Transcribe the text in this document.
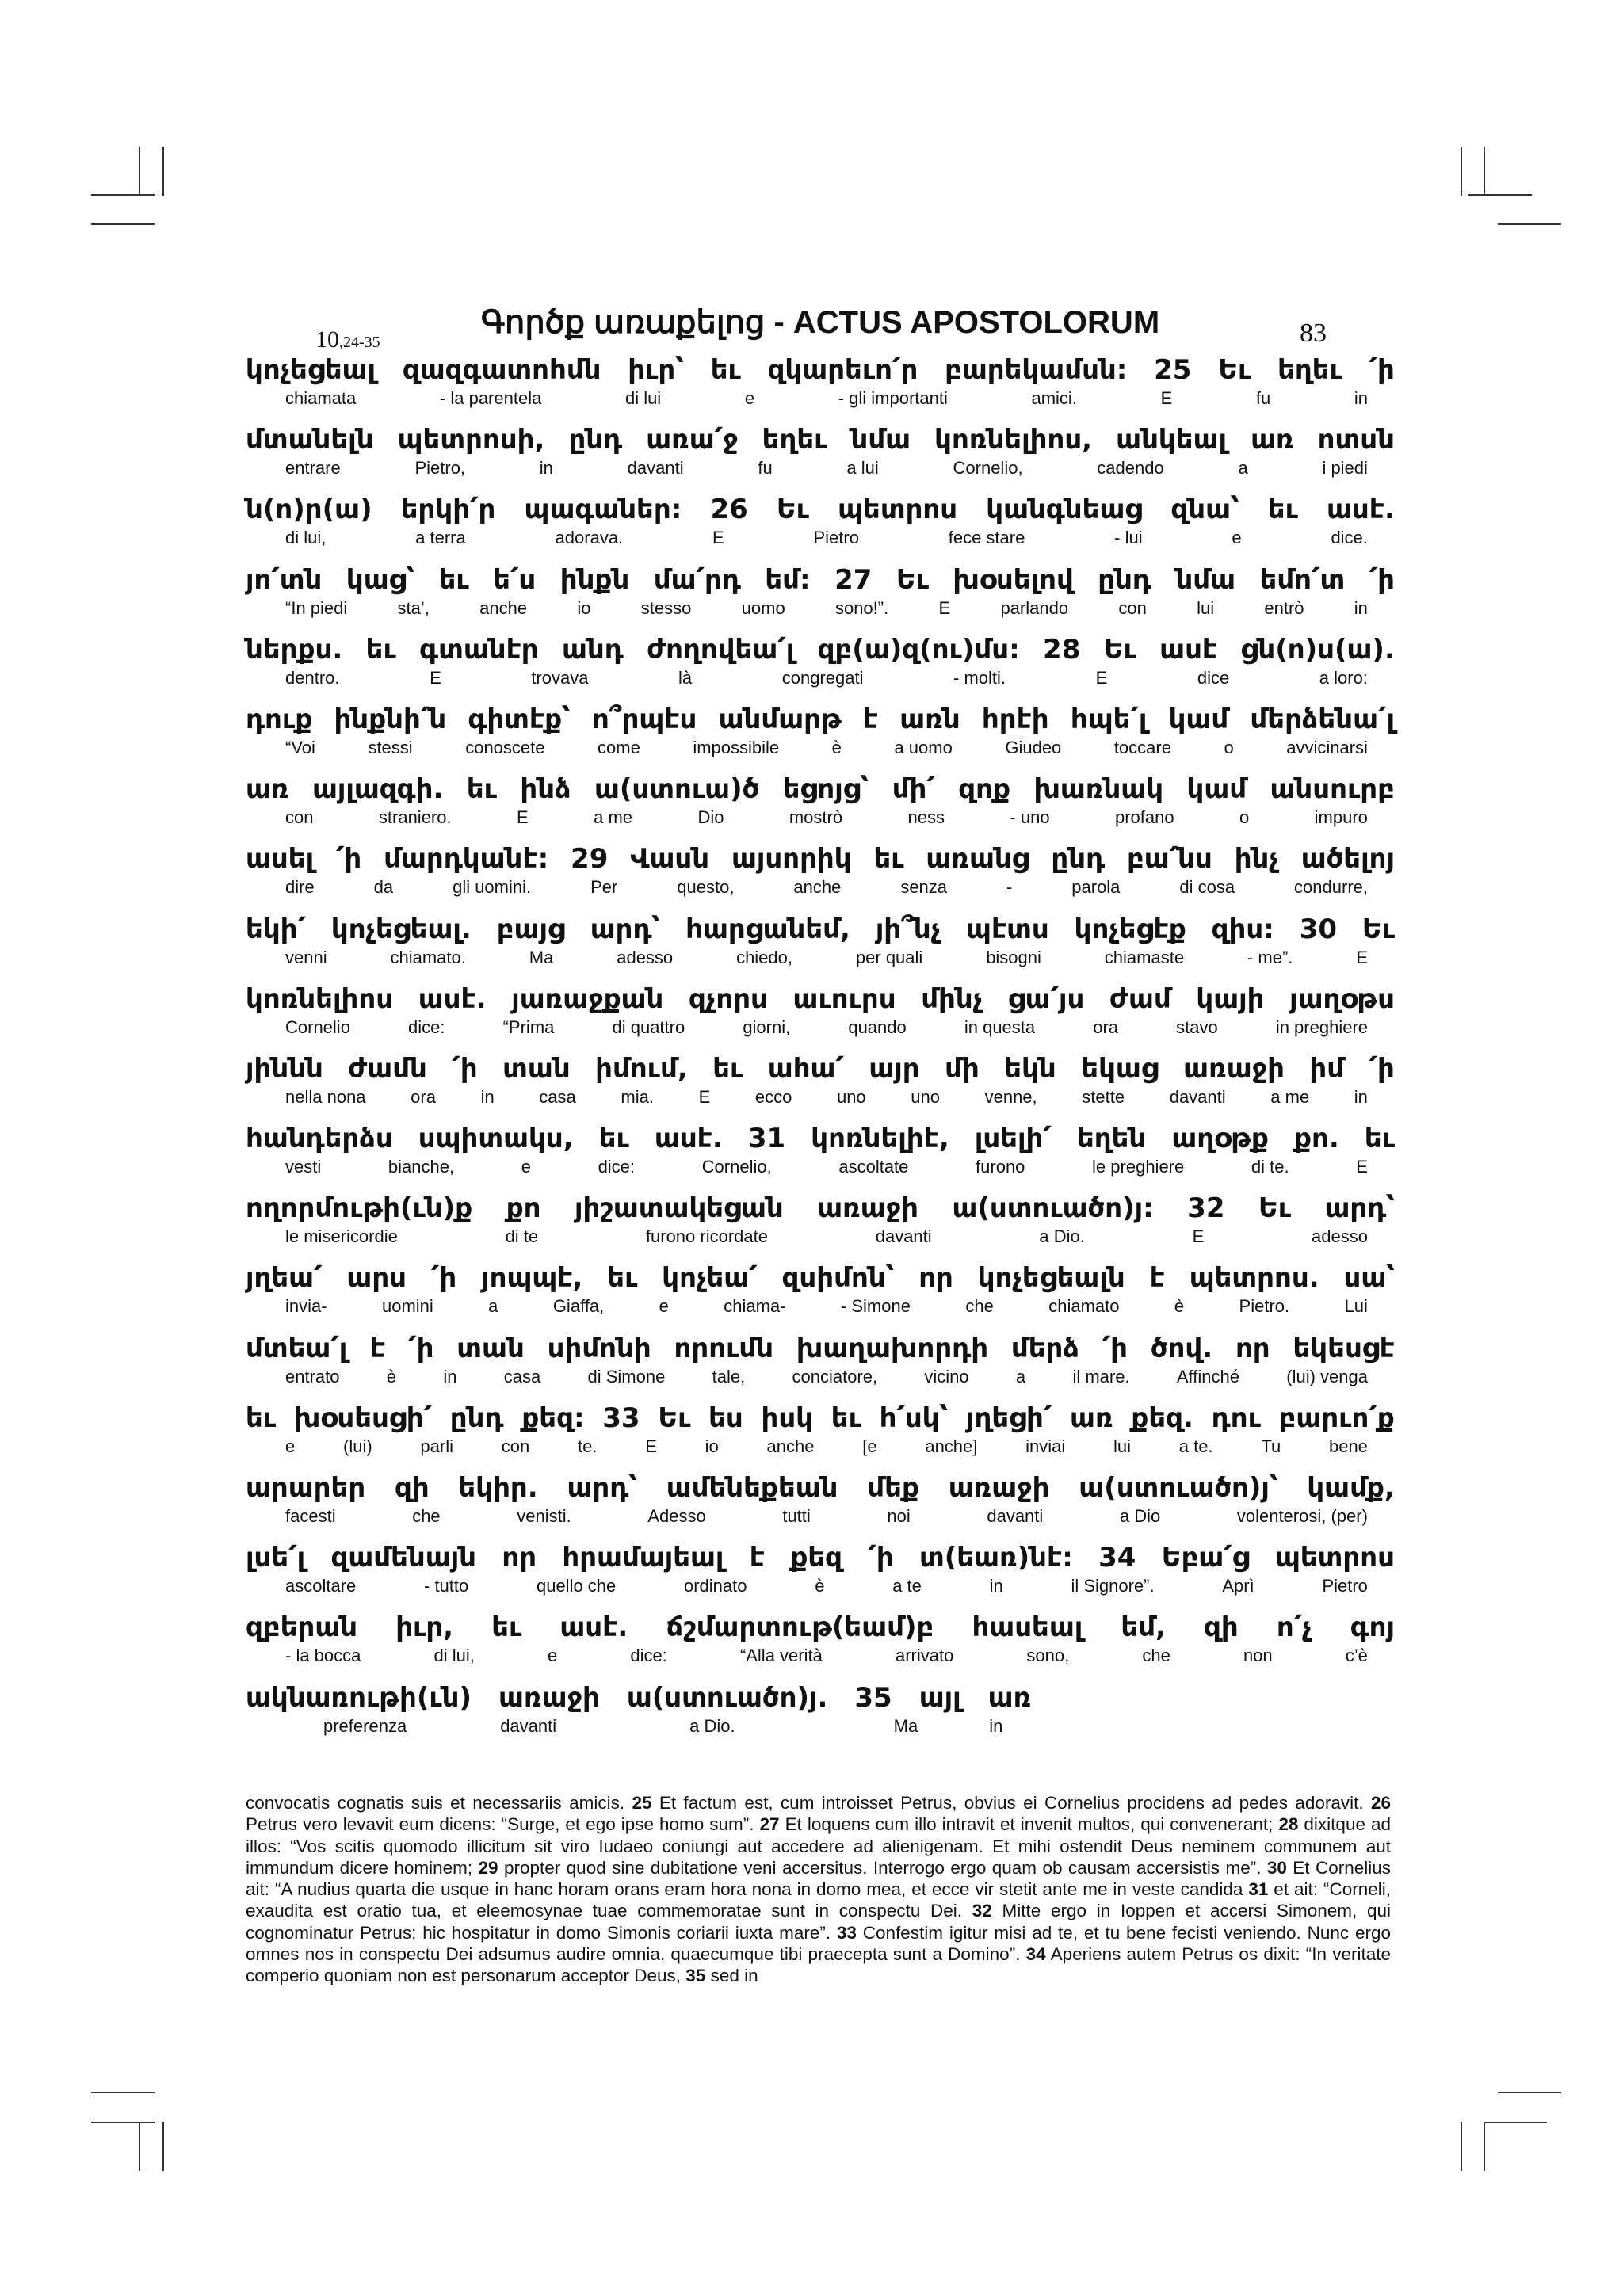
10,24-35
Գործք առաքելոց - ACTUS APOSTOLORUM	83
կոչեցեալ զազգատոհմն իւր՝ եւ զկարեւո՛ր բարեկամսն: 25 Եւ եղեւ ՛ի
chiamata	- la parentela	di lui	e	- gli importanti	amici.	E	fu	in
մտանելն պետրոսի, ընդ առա՛ջ եղեւ նմա կոռնելիոս, անկեալ առ ոտսն
entrare	Pietro,	in	davanti	fu	a lui	Cornelio,	cadendo	a	i piedi
ն(ո)ր(ա) երկի՛ր պագաներ: 26 Եւ պետրոս կանգնեաց զնա՝ եւ ասէ.
di lui,	a terra	adorava.	E	Pietro	fece stare	- lui	e	dice.
յո՛տն կաց՝ եւ ե՛ս ինքն մա՛րդ եմ: 27 Եւ խօսելով ընդ նմա եմո՛տ ՛ի
“In piedi	sta’,	anche	io	stesso	uomo	sono!”.	E	parlando	con	lui	entrò	in
ներքս. եւ գտանէր անդ ժողովեա՛լ զբ(ա)զ(ու)մս: 28 Եւ ասէ ցն(ո)ս(ա).
dentro.	E	trovava	là	congregati	- molti.	E	dice	a loro:
դուք ինքնի՛ն գիտէք՝ ո՞րպէս անմարթ է առն հրէի հպե՛լ կամ մերձենա՛լ
“Voi	stessi	conoscete	come	impossibile	è	a uomo	Giudeo	toccare	o	avvicinarsi
առ այլազգի. եւ ինձ ա(ստուա)ծ եցոյց՝ մի՛ զոք խառնակ կամ անսուրբ
con	straniero.	E	a me	Dio	mostrò	ness	- uno	profano	o	impuro
ասել ՛ի մարդկանէ: 29 Վասն այսորիկ եւ առանց ընդ բա՛նս ինչ ածելոյ
dire	da	gli uomini.	Per	questo,	anche	senza	-	parola	di cosa	condurre,
եկի՛ կոչեցեալ. բայց արդ՝ հարցանեմ, յի՞նչ պէտս կոչեցէք զիս: 30 Եւ
venni	chiamato.	Ma	adesso	chiedo,	per quali	bisogni	chiamaste	- me”.	E
կոռնելիոս ասէ. յառաջքան զչորս աւուրս մինչ ցա՛յս ժամ կայի յաղօթս
Cornelio	dice:	“Prima	di quattro	giorni,	quando	in questa	ora	stavo	in preghiere
յիննն ժամն ՛ի տան իմում, եւ ահա՛ այր մի եկն եկաց առաջի իմ ՛ի
nella nona	ora	in	casa	mia.	E	ecco	uno	uno	venne,	stette	davanti	a me	in
հանդերձս սպիտակս, եւ ասէ. 31 կոռնելիէ, լսելի՛ եղեն աղօթք քո. եւ
vesti	bianche,	e	dice:	Cornelio,	ascoltate	furono	le preghiere	di te.	E
ողորմութի(ւն)ք քո յիշատակեցան առաջի ա(ստուածո)յ: 32 Եւ արդ՝
le misericordie	di te	furono ricordate	davanti	a Dio.	E	adesso
յղեա՛ արս ՛ի յոպպէ, եւ կոչեա՛ զսիմոն՝ որ կոչեցեալն է պետրոս. սա՝
invia-	uomini	a	Giaffa,	e	chiama-	- Simone	che	chiamato	è	Pietro.	Lui
մտեա՛լ է ՛ի տան սիմոնի որումն խաղախորդի մերձ ՛ի ծով. որ եկեսցէ
entrato	è	in	casa	di Simone	tale,	conciatore,	vicino	a	il mare.	Affinché	(lui) venga
եւ խօսեսցի՛ ընդ քեզ: 33 Եւ ես իսկ եւ հ՛սկ՝ յղեցի՛ առ քեզ. դու բարւո՛ք
e	(lui)	parli	con	te.	E	io	anche	[e	anche]	inviai	lui	a te.	Tu	bene
արարեր զի եկիր. արդ՝ ամենեքեան մեք առաջի ա(ստուածո)յ՝ կամք,
facesti	che	venisti.	Adesso	tutti	noi	davanti	a Dio	volenterosi, (per)
լսե՛լ զամենայն որ հրամայեալ է քեզ ՛ի տ(եառ)նէ: 34 Եբա՛ց պետրոս
ascoltare	- tutto	quello che	ordinato	è	a te	in	il Signore”.	Aprì	Pietro
զբերան իւր, եւ ասէ. ճշմարտութ(եամ)բ հասեալ եմ, զի ո՛չ գոյ
- la bocca	di lui,	e	dice:	“Alla verità	arrivato	sono,	che	non	c’è
ակնառութի(ւն) առաջի ա(ստուածո)յ. 35 այլ առ
preferenza	davanti	a Dio.	Ma	in
convocatis cognatis suis et necessariis amicis. 25 Et factum est, cum introisset Petrus, obvius ei Cornelius procidens ad pedes adoravit. 26 Petrus vero levavit eum dicens: “Surge, et ego ipse homo sum”. 27 Et loquens cum illo intravit et invenit multos, qui convenerant; 28 dixitque ad illos: “Vos scitis quomodo illicitum sit viro Iudaeo coniungi aut accedere ad alienigenam. Et mihi ostendit Deus neminem communem aut immundum dicere hominem; 29 propter quod sine dubitatione veni accersitus. Interrogo ergo quam ob causam accersistis me”. 30 Et Cornelius ait: “A nudius quarta die usque in hanc horam orans eram hora nona in domo mea, et ecce vir stetit ante me in veste candida 31 et ait: “Corneli, exaudita est oratio tua, et eleemosynae tuae commemoratae sunt in conspectu Dei. 32 Mitte ergo in Ioppen et accersi Simonem, qui cognominatur Petrus; hic hospitatur in domo Simonis coriarii iuxta mare”. 33 Confestim igitur misi ad te, et tu bene fecisti veniendo. Nunc ergo omnes nos in conspectu Dei adsumus audire omnia, quaecumque tibi praecepta sunt a Domino”. 34 Aperiens autem Petrus os dixit: “In veritate comperio quoniam non est personarum acceptor Deus, 35 sed in
